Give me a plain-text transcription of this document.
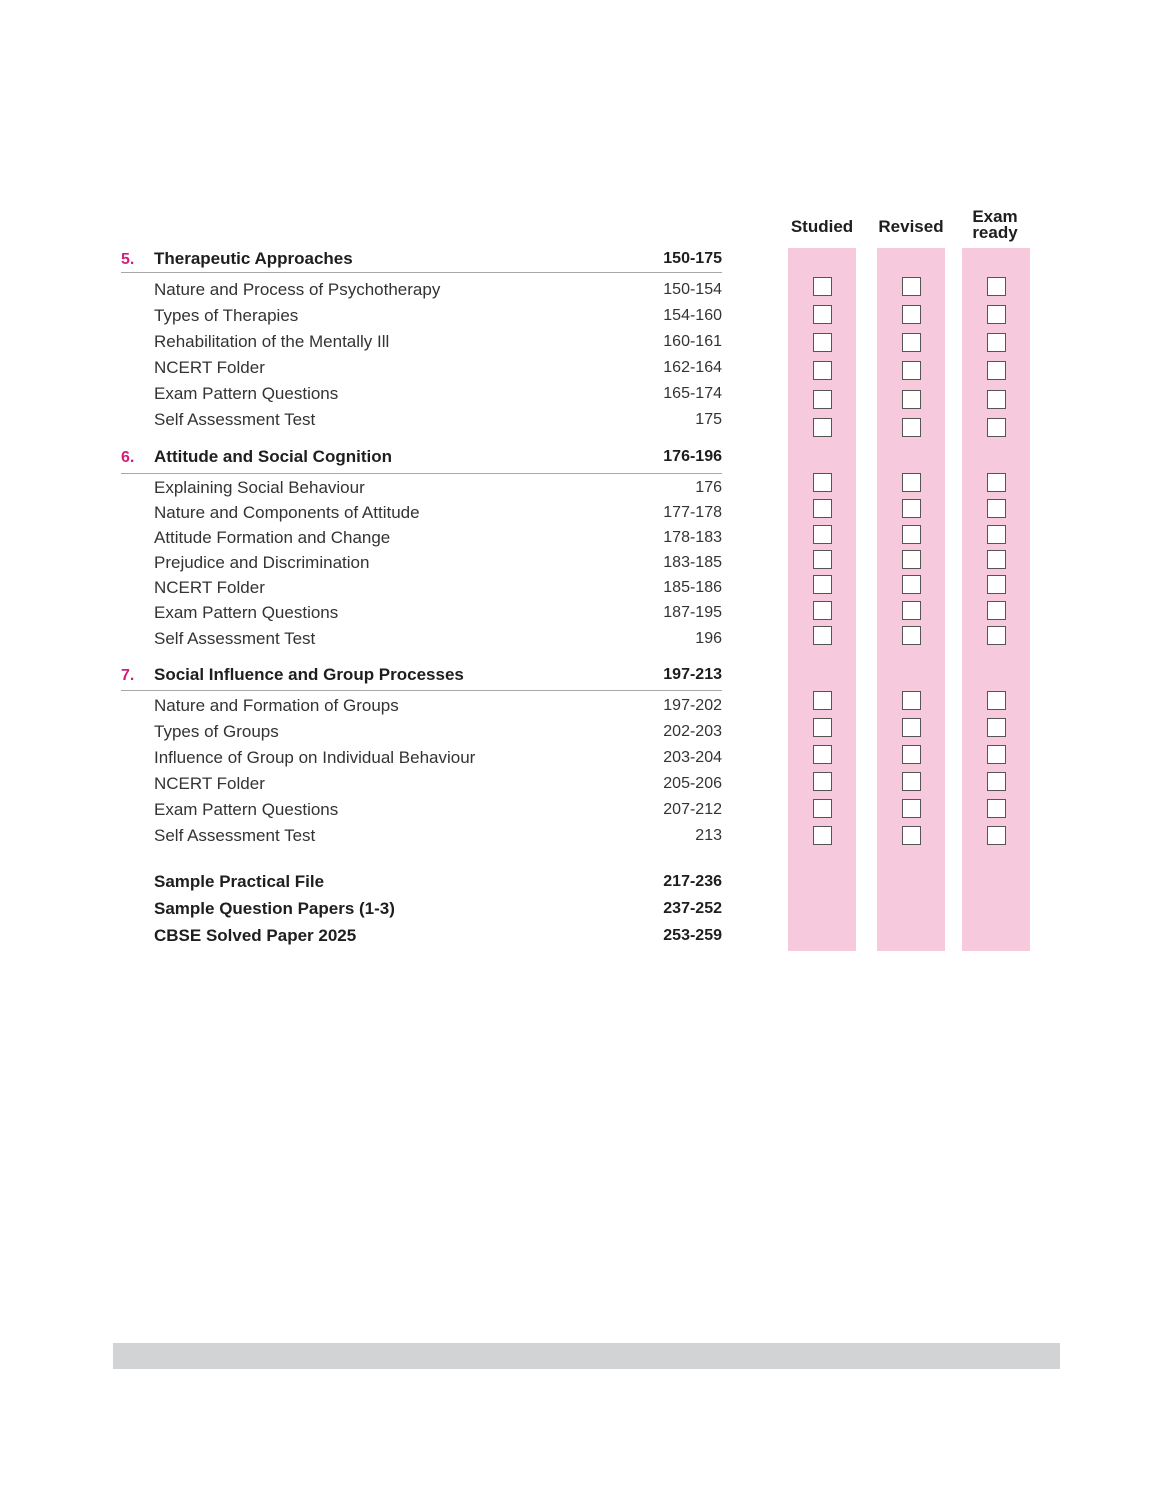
Studied	Revised
Exam
ready
5. Therapeutic Approaches	150-175
Nature and Process of Psychotherapy	150-154
Types of Therapies	154-160
Rehabilitation of the Mentally Ill	160-161
NCERT Folder	162-164
Exam Pattern Questions	165-174
Self Assessment Test	175
6. Attitude and Social Cognition	176-196
Explaining Social Behaviour	176
Nature and Components of Attitude	177-178
Attitude Formation and Change	178-183
Prejudice and Discrimination	183-185
NCERT Folder	185-186
Exam Pattern Questions	187-195
Self Assessment Test	196
7. Social Influence and Group Processes	197-213
Nature and Formation of Groups	197-202
Types of Groups	202-203
Influence of Group on Individual Behaviour	203-204
NCERT Folder	205-206
Exam Pattern Questions	207-212
Self Assessment Test	213
Sample Practical File	217-236
Sample Question Papers (1-3)	237-252
CBSE Solved Paper 2025	253-259
